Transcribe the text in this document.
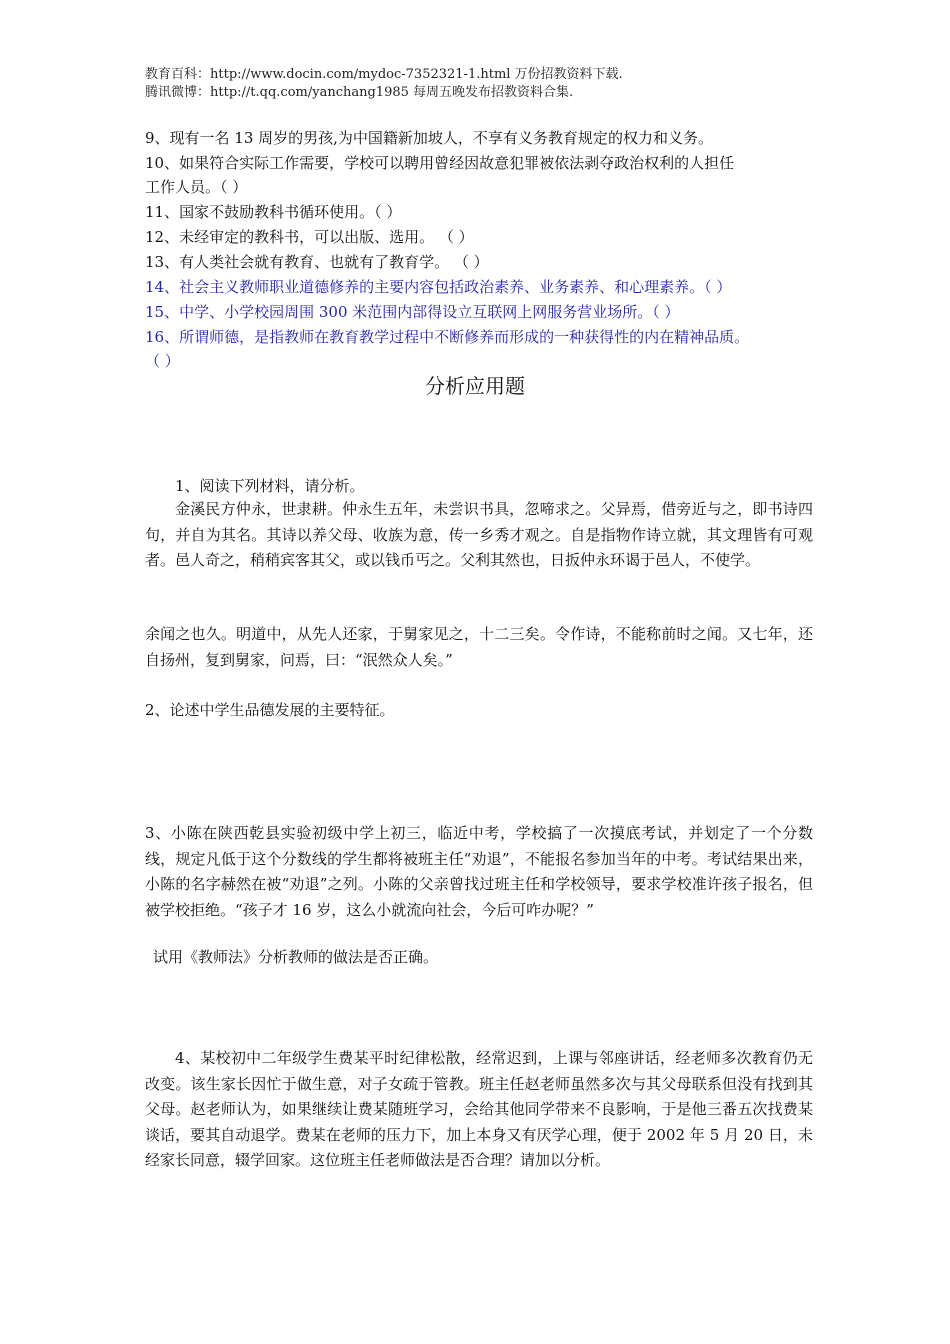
教育百科：http://www.docin.com/mydoc-7352321-1.html 万份招教资料下载.
腾讯微博：http://t.qq.com/yanchang1985 每周五晚发布招教资料合集.
9、现有一名 13 周岁的男孩,为中国籍新加坡人，不享有义务教育规定的权力和义务。
10、如果符合实际工作需要，学校可以聘用曾经因故意犯罪被依法剥夺政治权利的人担任
工作人员。（ ）
11、国家不鼓励教科书循环使用。（ ）
12、未经审定的教科书，可以出版、选用。 （ ）
13、有人类社会就有教育、也就有了教育学。 （ ）
14、社会主义教师职业道德修养的主要内容包括政治素养、业务素养、和心理素养。（ ）
15、中学、小学校园周围 300 米范围内部得设立互联网上网服务营业场所。（ ）
16、所谓师德，是指教师在教育教学过程中不断修养而形成的一种获得性的内在精神品质。
（ ）
分析应用题
1、阅读下列材料，请分析。
金溪民方仲永，世隶耕。仲永生五年，未尝识书具，忽啼求之。父异焉，借旁近与之，即书诗四句，并自为其名。其诗以养父母、收族为意，传一乡秀才观之。自是指物作诗立就，其文理皆有可观者。邑人奇之，稍稍宾客其父，或以钱币丐之。父利其然也，日扳仲永环谒于邑人，不使学。
余闻之也久。明道中，从先人还家，于舅家见之，十二三矣。令作诗，不能称前时之闻。又七年，还自扬州，复到舅家，问焉，曰：“泯然众人矣。”
2、论述中学生品德发展的主要特征。
3、小陈在陕西乾县实验初级中学上初三，临近中考，学校搞了一次摸底考试，并划定了一个分数线，规定凡低于这个分数线的学生都将被班主任“劝退”，不能报名参加当年的中考。考试结果出来，小陈的名字赫然在被“劝退”之列。小陈的父亲曾找过班主任和学校领导，要求学校准许孩子报名，但被学校拒绝。“孩子才 16 岁，这么小就流向社会，今后可咋办呢？”
试用《教师法》分析教师的做法是否正确。
4、某校初中二年级学生费某平时纪律松散，经常迟到，上课与邻座讲话，经老师多次教育仍无改变。该生家长因忙于做生意，对子女疏于管教。班主任赵老师虽然多次与其父母联系但没有找到其父母。赵老师认为，如果继续让费某随班学习，会给其他同学带来不良影响，于是他三番五次找费某谈话，要其自动退学。费某在老师的压力下，加上本身又有厌学心理，便于 2002 年 5 月 20 日，未经家长同意，辍学回家。这位班主任老师做法是否合理？请加以分析。
